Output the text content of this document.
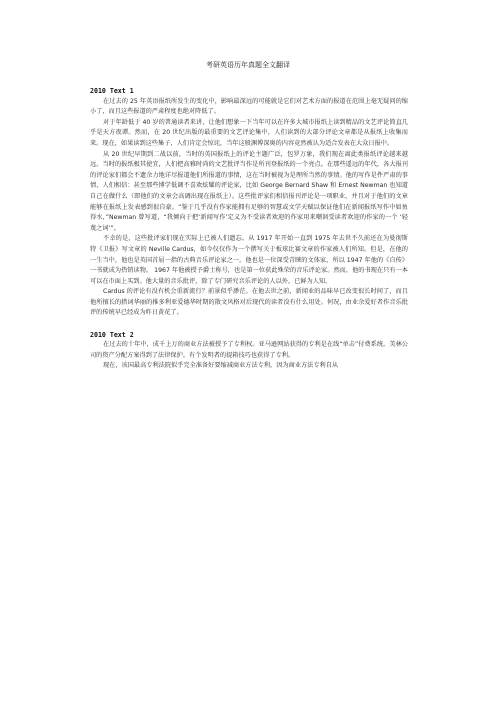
考研英语历年真题全文翻译

2010 Text 1

在过去的 25 年英语报纸所发生的变化中，影响最深远的可能就是它们对艺术方面的报道在范围上毫无疑问的缩小了，而且这些报道的严肃程度也绝对降低了。

对于年龄低于 40 岁的普通读者来讲，让他们想象一下当年可以在许多大城市报纸上读到精品的文艺评论简直几乎是天方夜谭。然而，在 20 世纪出版的最重要的文艺评论集中，人们读到的大部分评论文章都是从报纸上收集而来。现在，如果读到这些集子，人们肯定会惊诧，当年这般渊博深奥的内容竟然被认为适合发表在大众日报中。

从 20 世纪早期到二战以前，当时的英国报纸上的评论主题广泛，包罗万象，我们现在离此类报纸评论越来越远。当时的报纸极其使宜，人们把高雅时尚的文艺批评当作是所刊登报纸的一个亮点。在那些遥远的年代，各大报刊的评论家们都会不遗余力地详尽报道他们所报道的事情，这在当时被视为是理所当然的事情。他的写作是件严肃的事情，人们相信：甚至那些博学低调不喜欢炫耀的评论家，比如 George Bernard Shaw 和 Ernest Newman 也知道自己在做什么（即他们的文章会高调出现在报纸上）。这些批评家们相信报刊评论是一项职业，并且对于他们的文章能够在报纸上发表感到很自豪。“鉴于几乎没有作家能拥有足够的智慧或文学天赋以保证他们在新闻报纸写作中如鱼得水，”Newman 曾写道，“我倾向于把‘新闻写作’定义为不受读者欢迎的作家用来嘲讽受读者欢迎的作家的一个 ‘轻蔑之词’”。

不幸的是，这些批评家们现在实际上已被人们遗忘。从 1917 年开始一直到 1975 年去世不久前还在为曼彻斯特《卫报》写文章的 Neville Cardus，如今仅仅作为一个撰写关于板球比赛文章的作家被人们所知。但是，在他的一生当中，他也是英国首屈一指的古典音乐评论家之一。他也是一位深受青睐的文体家，所以 1947 年他的《自传》一书就成为热销读物。 1967 年他被授予爵士称号，也是第一位获此殊荣的音乐评论家。然而，他的书现在只有一本可以在市面上买到。他大量的音乐批评，除了专门研究音乐评论的人以外，已鲜为人知。

Cardus 的评论有没有机会重新流行？前景似乎渺茫。在他去世之前，新闻业的品味早已改变很长时间了，而且他所擅长的措词华丽的推多利亚爱德华时期的散文风格对后现代的读者没有什么用处。何况，由业余爱好者作音乐批评的传统早已经成为昨日黄花了。

2010 Text 2

在过去的十年中，成千上万的商业方法被授予了专利权。亚马逊网站获得的专利是在线“单击”付费系统。美林公司的资产分配方案得到了法律保护。有个发明者的提箱技巧也获得了专利。

现在，该国最高专利法院似乎完全准备好要缩减商业方法专利，因为商业方法专利自从
